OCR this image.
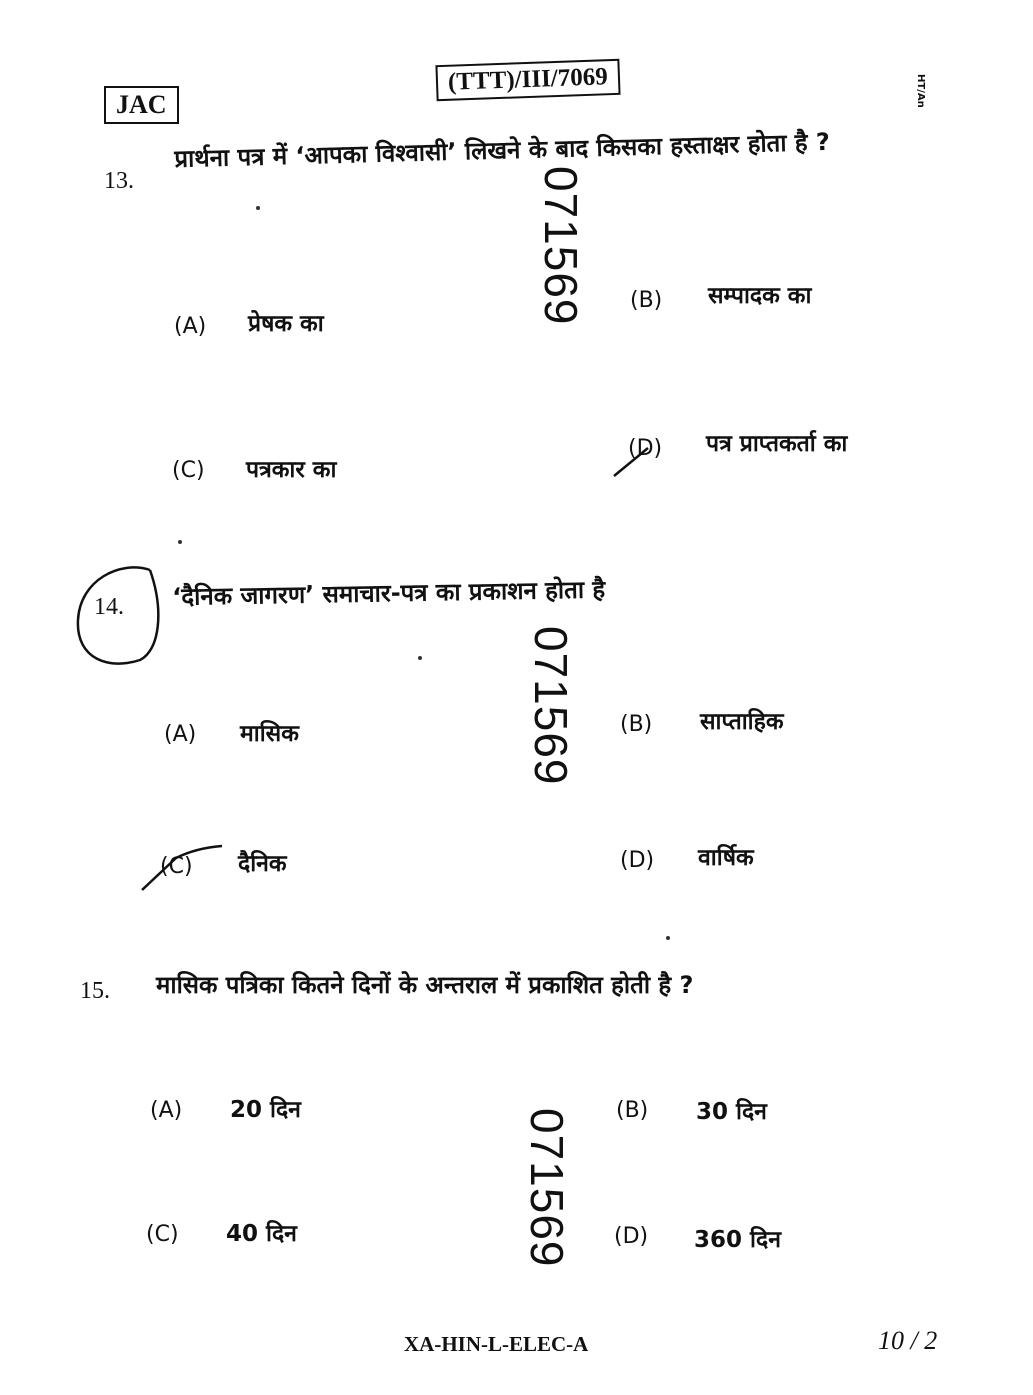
JAC
(TTT)/III/7069	HT/An
13.
प्रार्थना पत्र में ‘आपका विश्वासी’ लिखने के बाद किसका हस्ताक्षर होता है ?
(A) प्रेषक का
(B) सम्पादक का
(C) पत्रकार का
(D) पत्र प्राप्तकर्ता का
071569
14. ‘दैनिक जागरण’ समाचार-पत्र का प्रकाशन होता है
(A) मासिक	(B) साप्ताहिक
(C) दैनिक	(D) वार्षिक
071569
15. मासिक पत्रिका कितने दिनों के अन्तराल में प्रकाशित होती है ?
(A) 20 दिन	(B) 30 दिन
(C) 40 दिन	(D) 360 दिन
071569
XA-HIN-L-ELEC-A	10 / 2
